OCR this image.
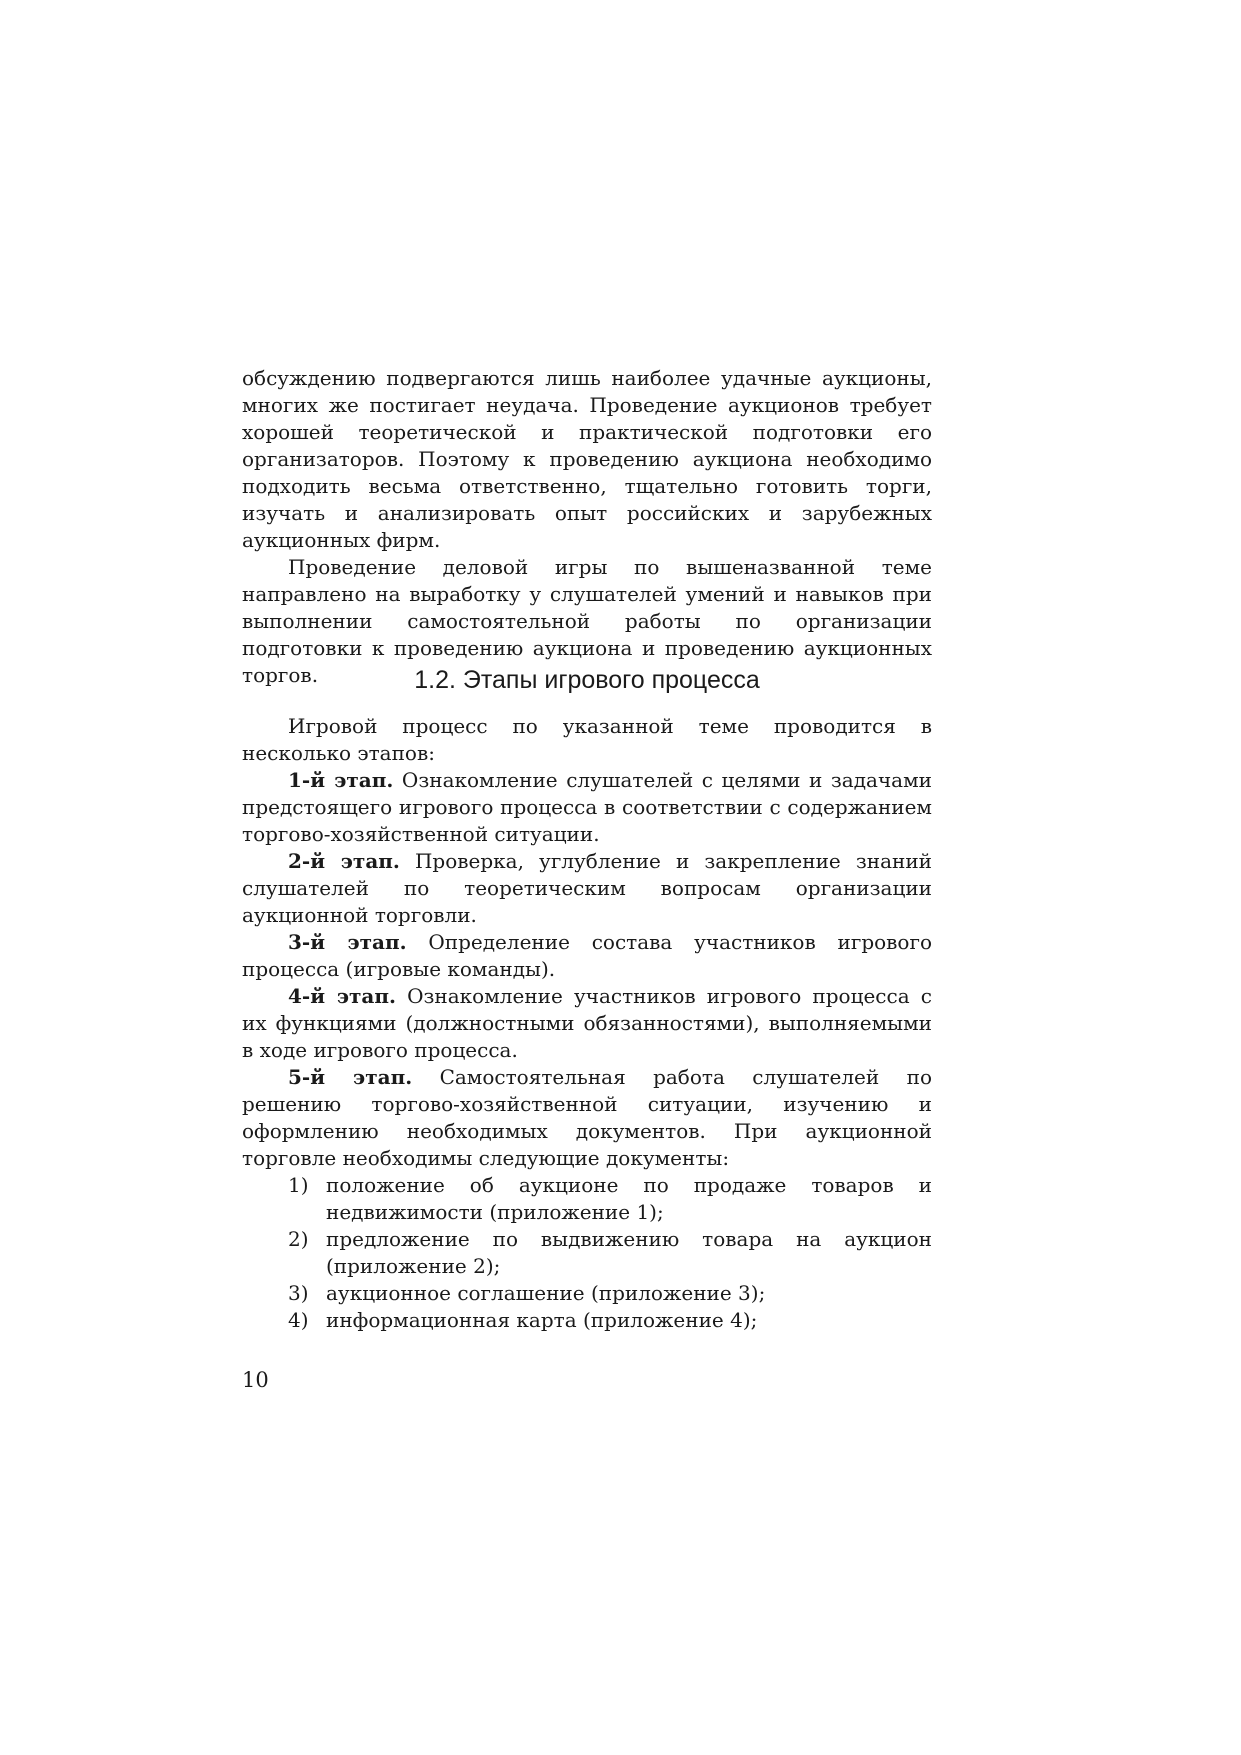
обсуждению подвергаются лишь наиболее удачные аукционы, многих же постигает неудача. Проведение аукционов требует хорошей теоретической и практической подготовки его организаторов. Поэтому к проведению аукциона необходимо подходить весьма ответственно, тщательно готовить торги, изучать и анализировать опыт российских и зарубежных аукционных фирм.

Проведение деловой игры по вышеназванной теме направлено на выработку у слушателей умений и навыков при выполнении самостоятельной работы по организации подготовки к проведению аукциона и проведению аукционных торгов.	1.2. Этапы игрового процесса

Игровой процесс по указанной теме проводится в несколько этапов:

1-й этап. Ознакомление слушателей с целями и задачами предстоящего игрового процесса в соответствии с содержанием торгово-хозяйственной ситуации.

2-й этап. Проверка, углубление и закрепление знаний слушателей по теоретическим вопросам организации аукционной торговли.

3-й этап. Определение состава участников игрового процесса (игровые команды).

4-й этап. Ознакомление участников игрового процесса с их функциями (должностными обязанностями), выполняемыми в ходе игрового процесса.

5-й этап. Самостоятельная работа слушателей по решению торгово-хозяйственной ситуации, изучению и оформлению необходимых документов. При аукционной торговле необходимы следующие документы:

1) положение об аукционе по продаже товаров и недвижимости (приложение 1);
2) предложение по выдвижению товара на аукцион (приложение 2);
3) аукционное соглашение (приложение 3);
4) информационная карта (приложение 4);
10
